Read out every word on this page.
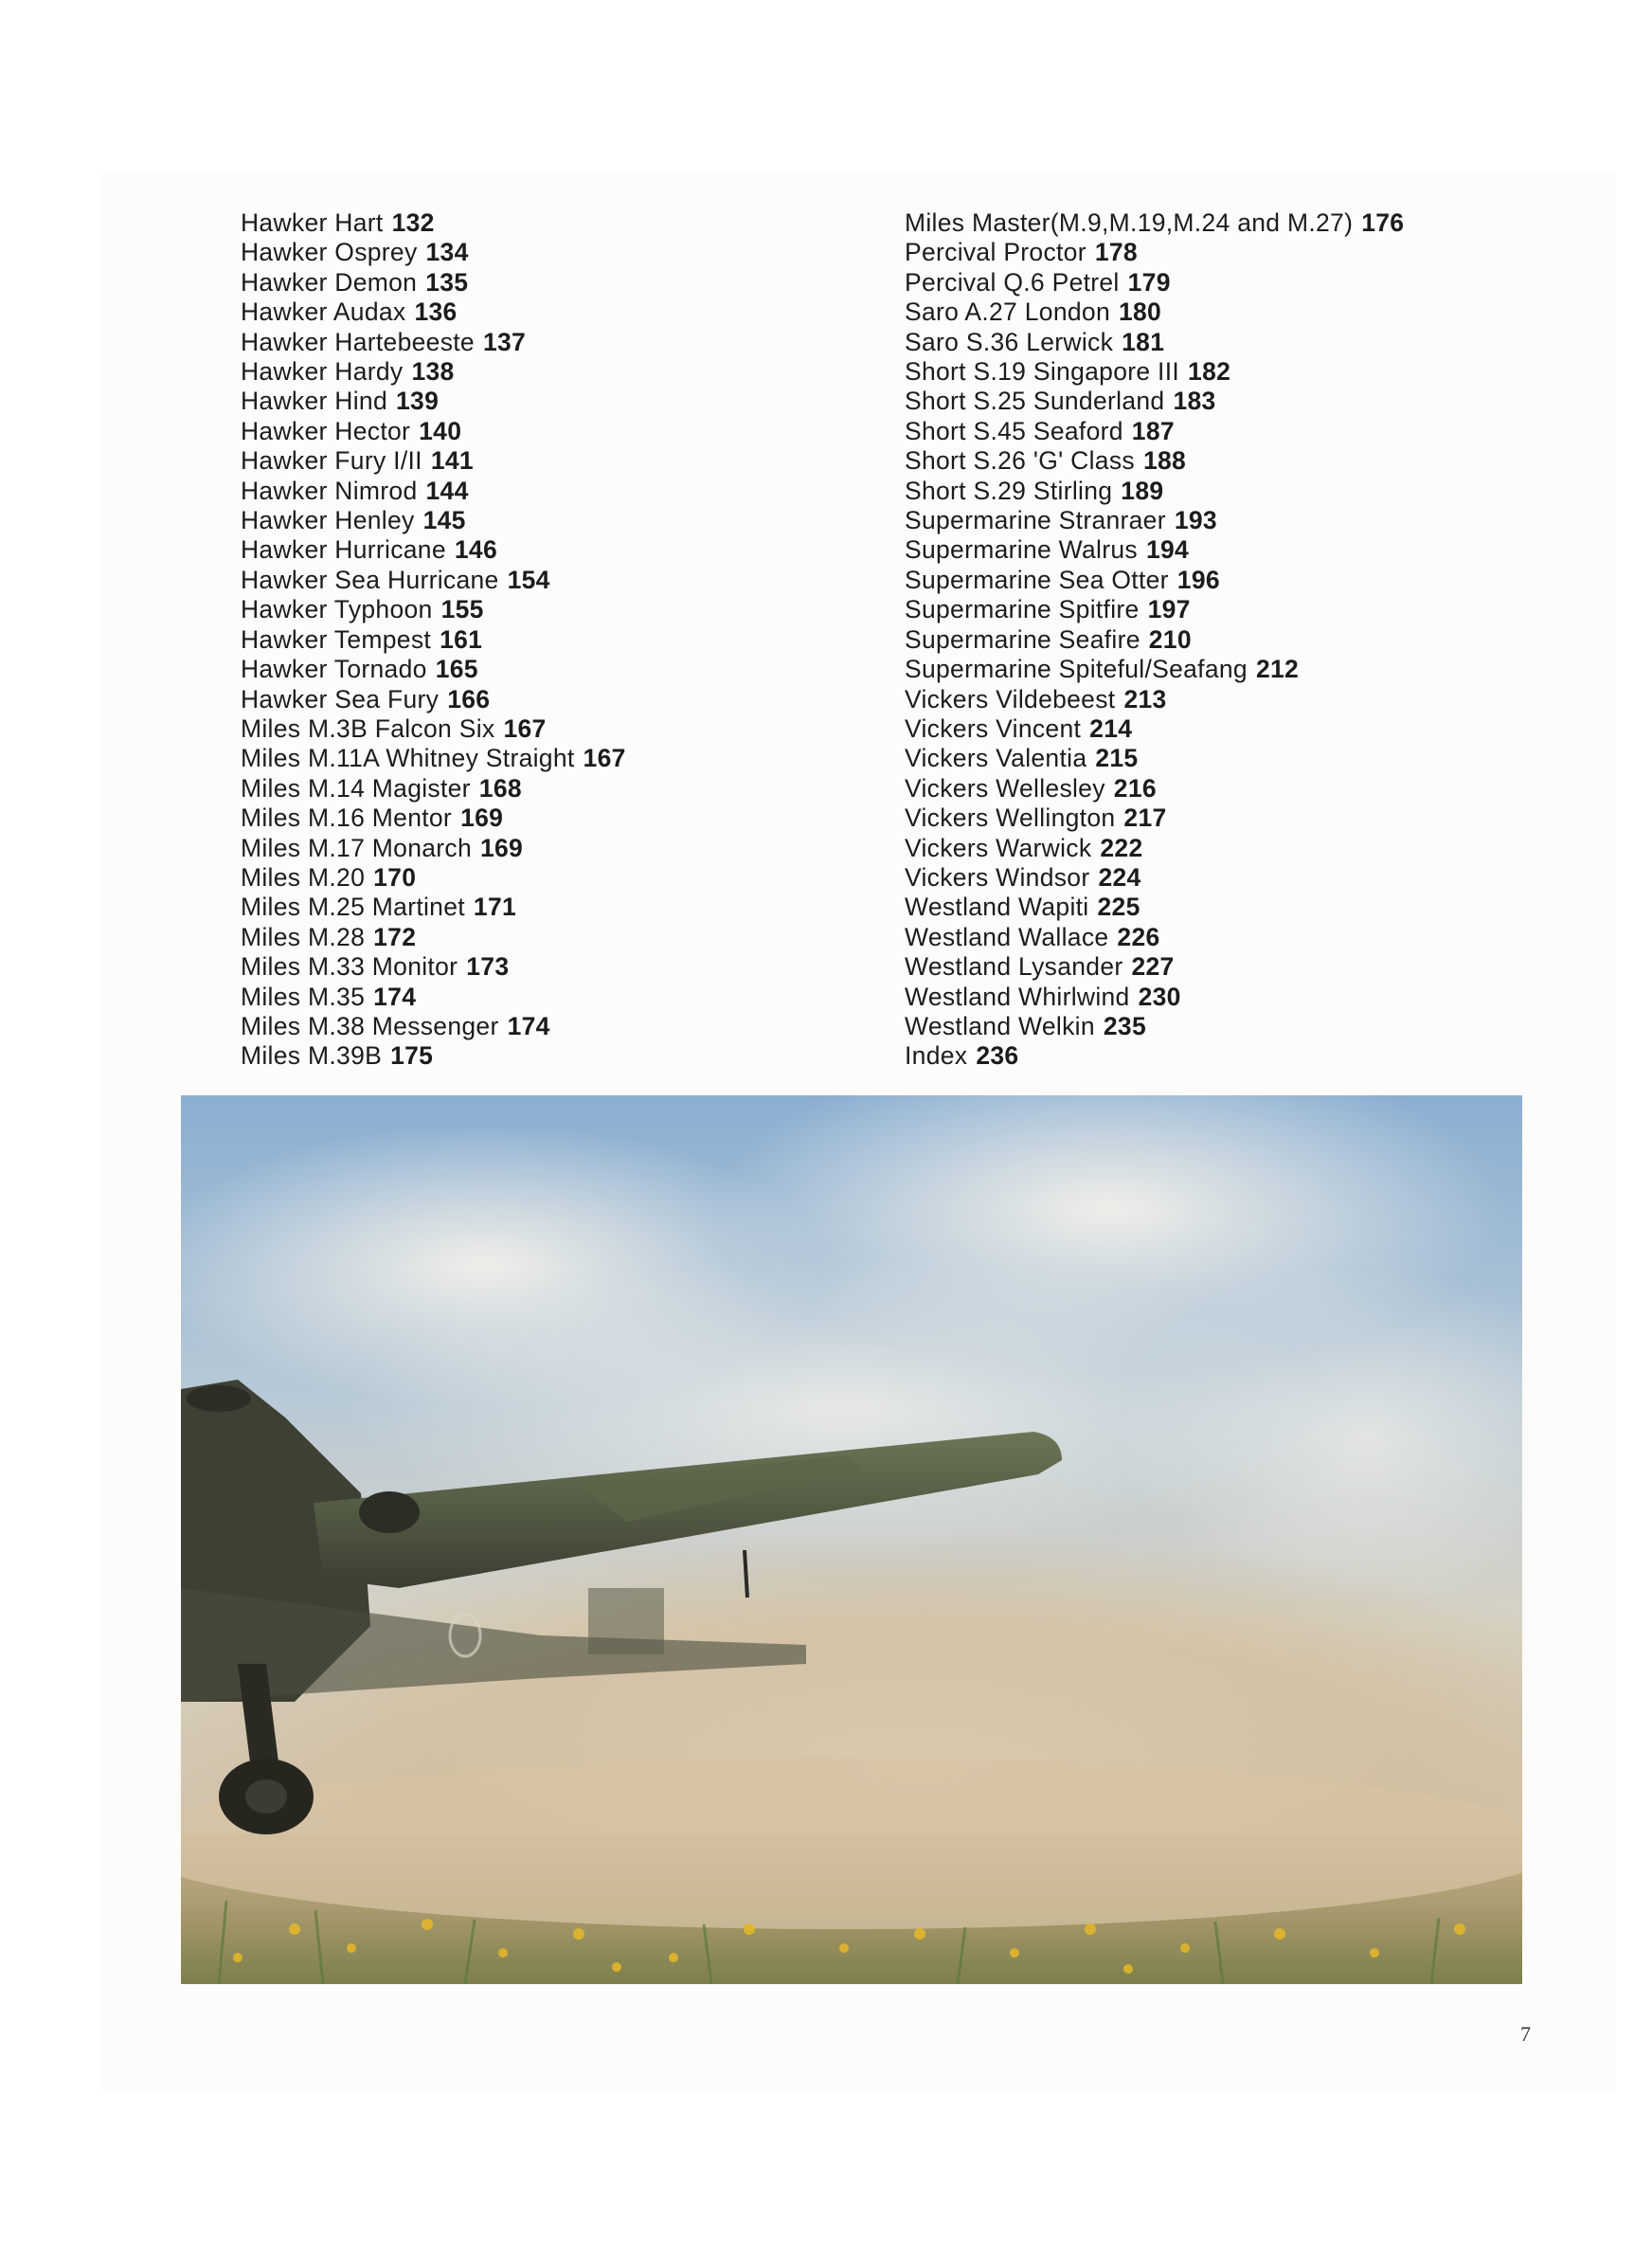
Hawker Hart 132
Hawker Osprey 134
Hawker Demon 135
Hawker Audax 136
Hawker Hartebeeste 137
Hawker Hardy 138
Hawker Hind 139
Hawker Hector 140
Hawker Fury I/II 141
Hawker Nimrod 144
Hawker Henley 145
Hawker Hurricane 146
Hawker Sea Hurricane 154
Hawker Typhoon 155
Hawker Tempest 161
Hawker Tornado 165
Hawker Sea Fury 166
Miles M.3B Falcon Six 167
Miles M.11A Whitney Straight 167
Miles M.14 Magister 168
Miles M.16 Mentor 169
Miles M.17 Monarch 169
Miles M.20 170
Miles M.25 Martinet 171
Miles M.28 172
Miles M.33 Monitor 173
Miles M.35 174
Miles M.38 Messenger 174
Miles M.39B 175
Miles Master(M.9,M.19,M.24 and M.27) 176
Percival Proctor 178
Percival Q.6 Petrel 179
Saro A.27 London 180
Saro S.36 Lerwick 181
Short S.19 Singapore III 182
Short S.25 Sunderland 183
Short S.45 Seaford 187
Short S.26 'G' Class 188
Short S.29 Stirling 189
Supermarine Stranraer 193
Supermarine Walrus 194
Supermarine Sea Otter 196
Supermarine Spitfire 197
Supermarine Seafire 210
Supermarine Spiteful/Seafang 212
Vickers Vildebeest 213
Vickers Vincent 214
Vickers Valentia 215
Vickers Wellesley 216
Vickers Wellington 217
Vickers Warwick 222
Vickers Windsor 224
Westland Wapiti 225
Westland Wallace 226
Westland Lysander 227
Westland Whirlwind 230
Westland Welkin 235
Index 236
7
